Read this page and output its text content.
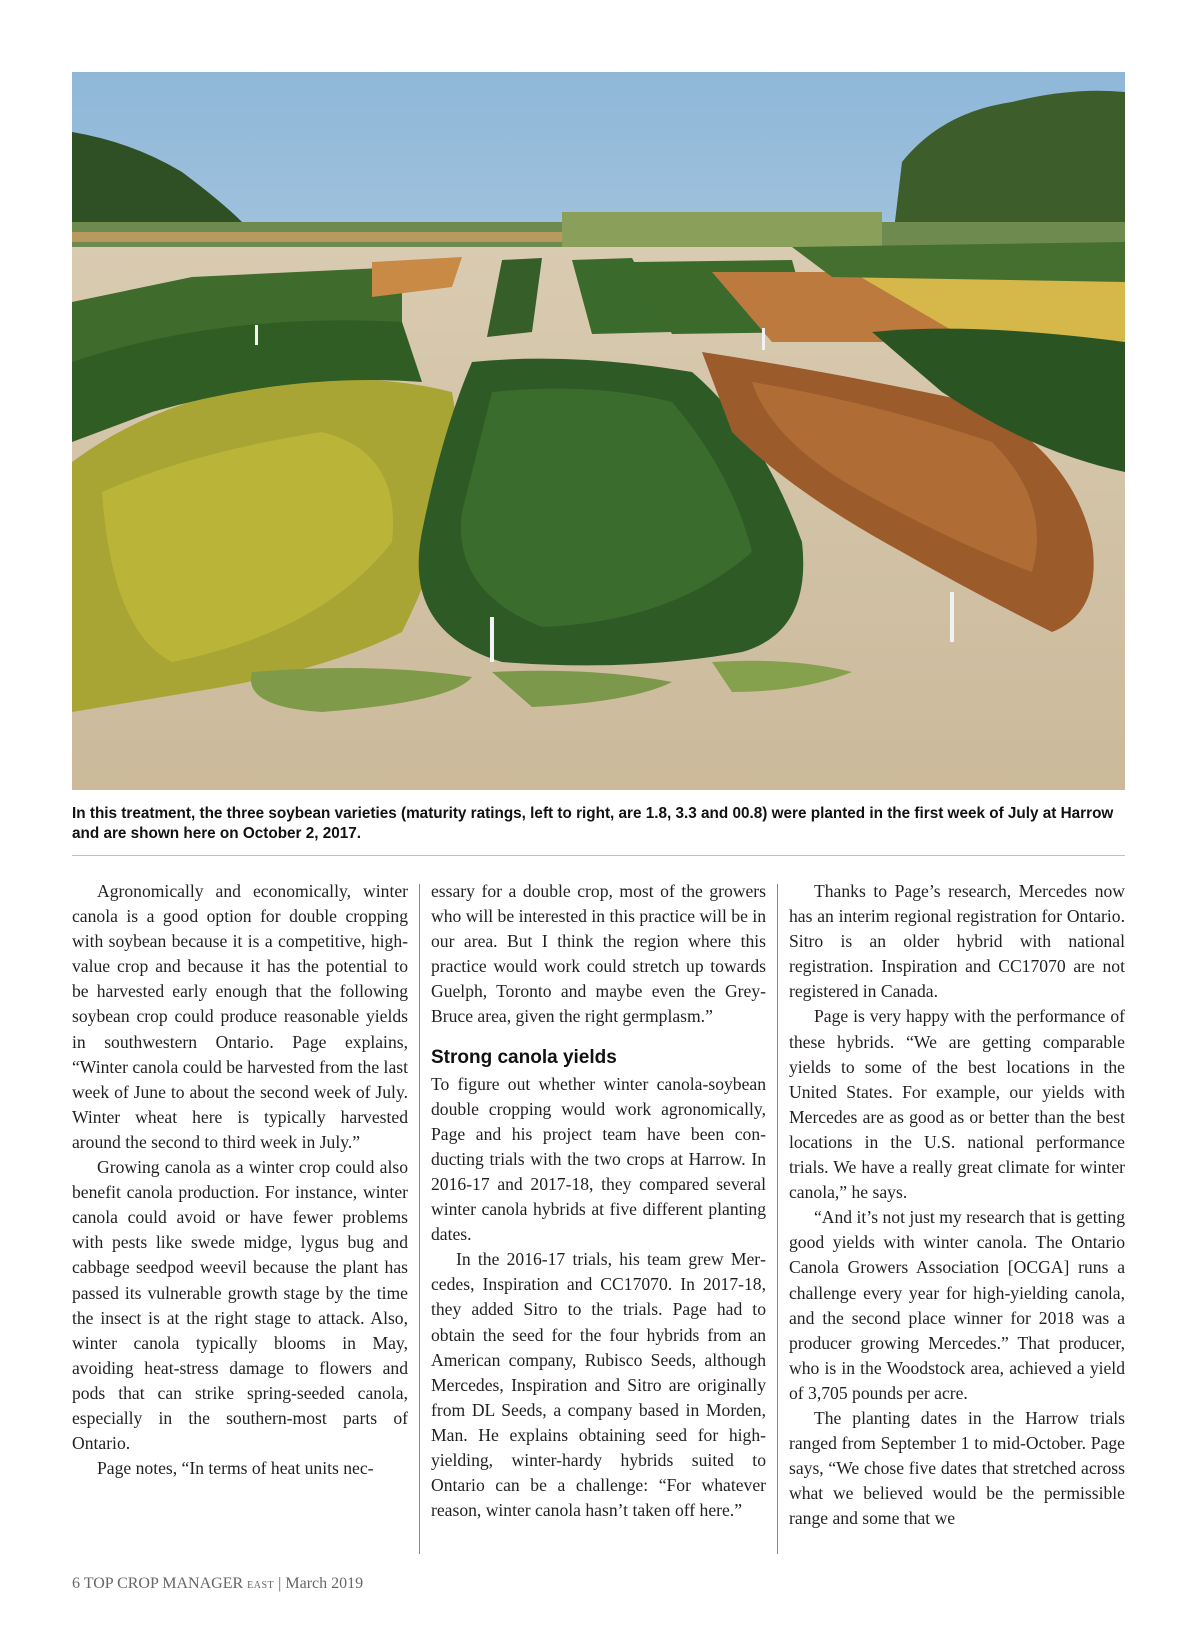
In this treatment, the three soybean varieties (maturity ratings, left to right, are 1.8, 3.3 and 00.8) were planted in the first week of July at Harrow and are shown here on October 2, 2017.

Agronomically and economically, winter canola is a good option for double cropping with soybean because it is a competitive, high-value crop and because it has the potential to be harvested early enough that the following soybean crop could produce reasonable yields in southwestern Ontario. Page explains, “Winter canola could be harvested from the last week of June to about the second week of July. Winter wheat here is typically harvested around the second to third week in July.”

Growing canola as a winter crop could also benefit canola production. For instance, winter canola could avoid or have fewer problems with pests like swede midge, lygus bug and cabbage seedpod weevil because the plant has passed its vulnerable growth stage by the time the insect is at the right stage to attack. Also, winter canola typically blooms in May, avoiding heat-stress damage to flowers and pods that can strike spring-seeded canola, especially in the southern-most parts of Ontario.

Page notes, “In terms of heat units nec-

essary for a double crop, most of the growers who will be interested in this practice will be in our area. But I think the region where this practice would work could stretch up towards Guelph, Toronto and maybe even the Grey-Bruce area, given the right germplasm.”

Strong canola yields

To figure out whether winter canola-soybean double cropping would work agronomically, Page and his project team have been conducting trials with the two crops at Harrow. In 2016-17 and 2017-18, they compared several winter canola hybrids at five different planting dates.

In the 2016-17 trials, his team grew Mercedes, Inspiration and CC17070. In 2017-18, they added Sitro to the trials. Page had to obtain the seed for the four hybrids from an American company, Rubisco Seeds, although Mercedes, Inspiration and Sitro are originally from DL Seeds, a company based in Morden, Man. He explains obtaining seed for high-yielding, winter-hardy hybrids suited to Ontario can be a challenge: “For whatever reason, winter canola hasn’t taken off here.”

Thanks to Page’s research, Mercedes now has an interim regional registration for Ontario. Sitro is an older hybrid with national registration. Inspiration and CC17070 are not registered in Canada.

Page is very happy with the performance of these hybrids. “We are getting comparable yields to some of the best locations in the United States. For example, our yields with Mercedes are as good as or better than the best locations in the U.S. national performance trials. We have a really great climate for winter canola,” he says.

“And it’s not just my research that is getting good yields with winter canola. The Ontario Canola Growers Association [OCGA] runs a challenge every year for high-yielding canola, and the second place winner for 2018 was a producer growing Mercedes.” That producer, who is in the Woodstock area, achieved a yield of 3,705 pounds per acre.

The planting dates in the Harrow trials ranged from September 1 to mid-October. Page says, “We chose five dates that stretched across what we believed would be the permissible range and some that we

6 TOP CROP MANAGER EAST | March 2019
